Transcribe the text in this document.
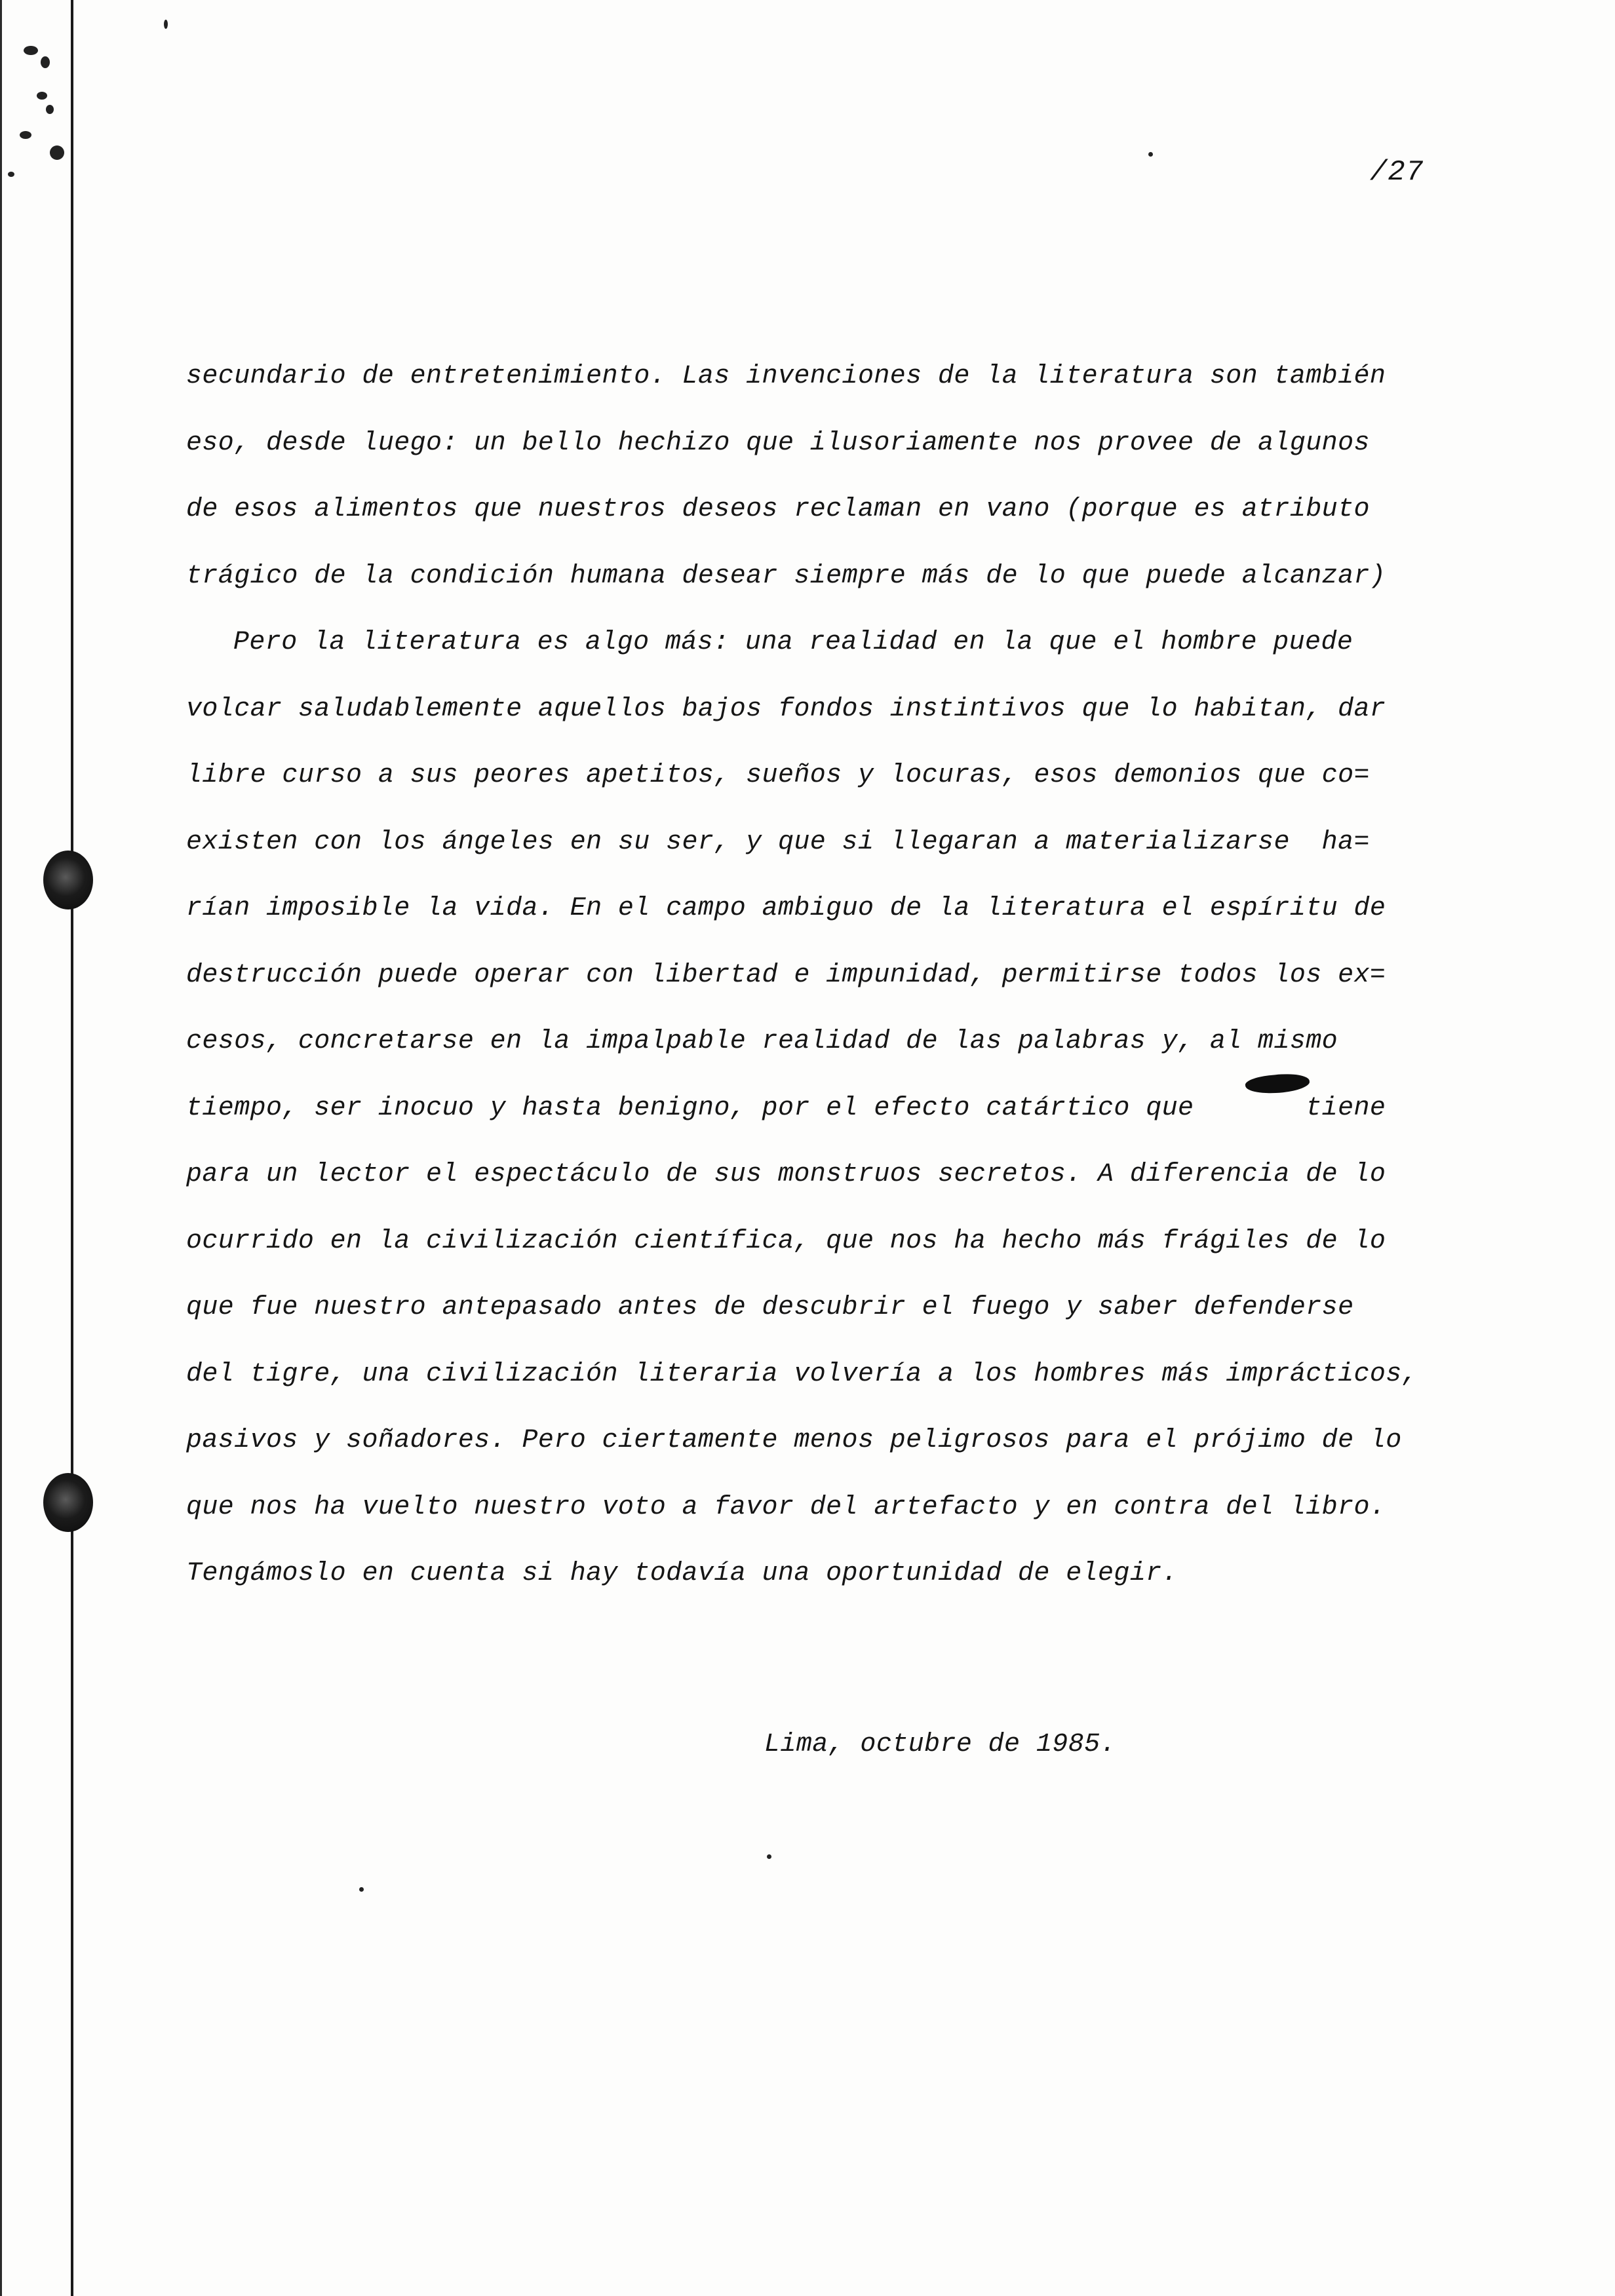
/27
secundario de entretenimiento. Las invenciones de la literatura son también
eso, desde luego: un bello hechizo que ilusoriamente nos provee de algunos
de esos alimentos que nuestros deseos reclaman en vano (porque es atributo
trágico de la condición humana desear siempre más de lo que puede alcanzar)
Pero la literatura es algo más: una realidad en la que el hombre puede
volcar saludablemente aquellos bajos fondos instintivos que lo habitan, dar
libre curso a sus peores apetitos, sueños y locuras, esos demonios que co=
existen con los ángeles en su ser, y que si llegaran a materializarse  ha=
rían imposible la vida. En el campo ambiguo de la literatura el espíritu de
destrucción puede operar con libertad e impunidad, permitirse todos los ex=
cesos, concretarse en la impalpable realidad de las palabras y, al mismo
tiempo, ser inocuo y hasta benigno, por el efecto catártico que       tiene
para un lector el espectáculo de sus monstruos secretos. A diferencia de lo
ocurrido en la civilización científica, que nos ha hecho más frágiles de lo
que fue nuestro antepasado antes de descubrir el fuego y saber defenderse
del tigre, una civilización literaria volvería a los hombres más imprácticos,
pasivos y soñadores. Pero ciertamente menos peligrosos para el prójimo de lo
que nos ha vuelto nuestro voto a favor del artefacto y en contra del libro.
Tengámoslo en cuenta si hay todavía una oportunidad de elegir.
Lima, octubre de 1985.
